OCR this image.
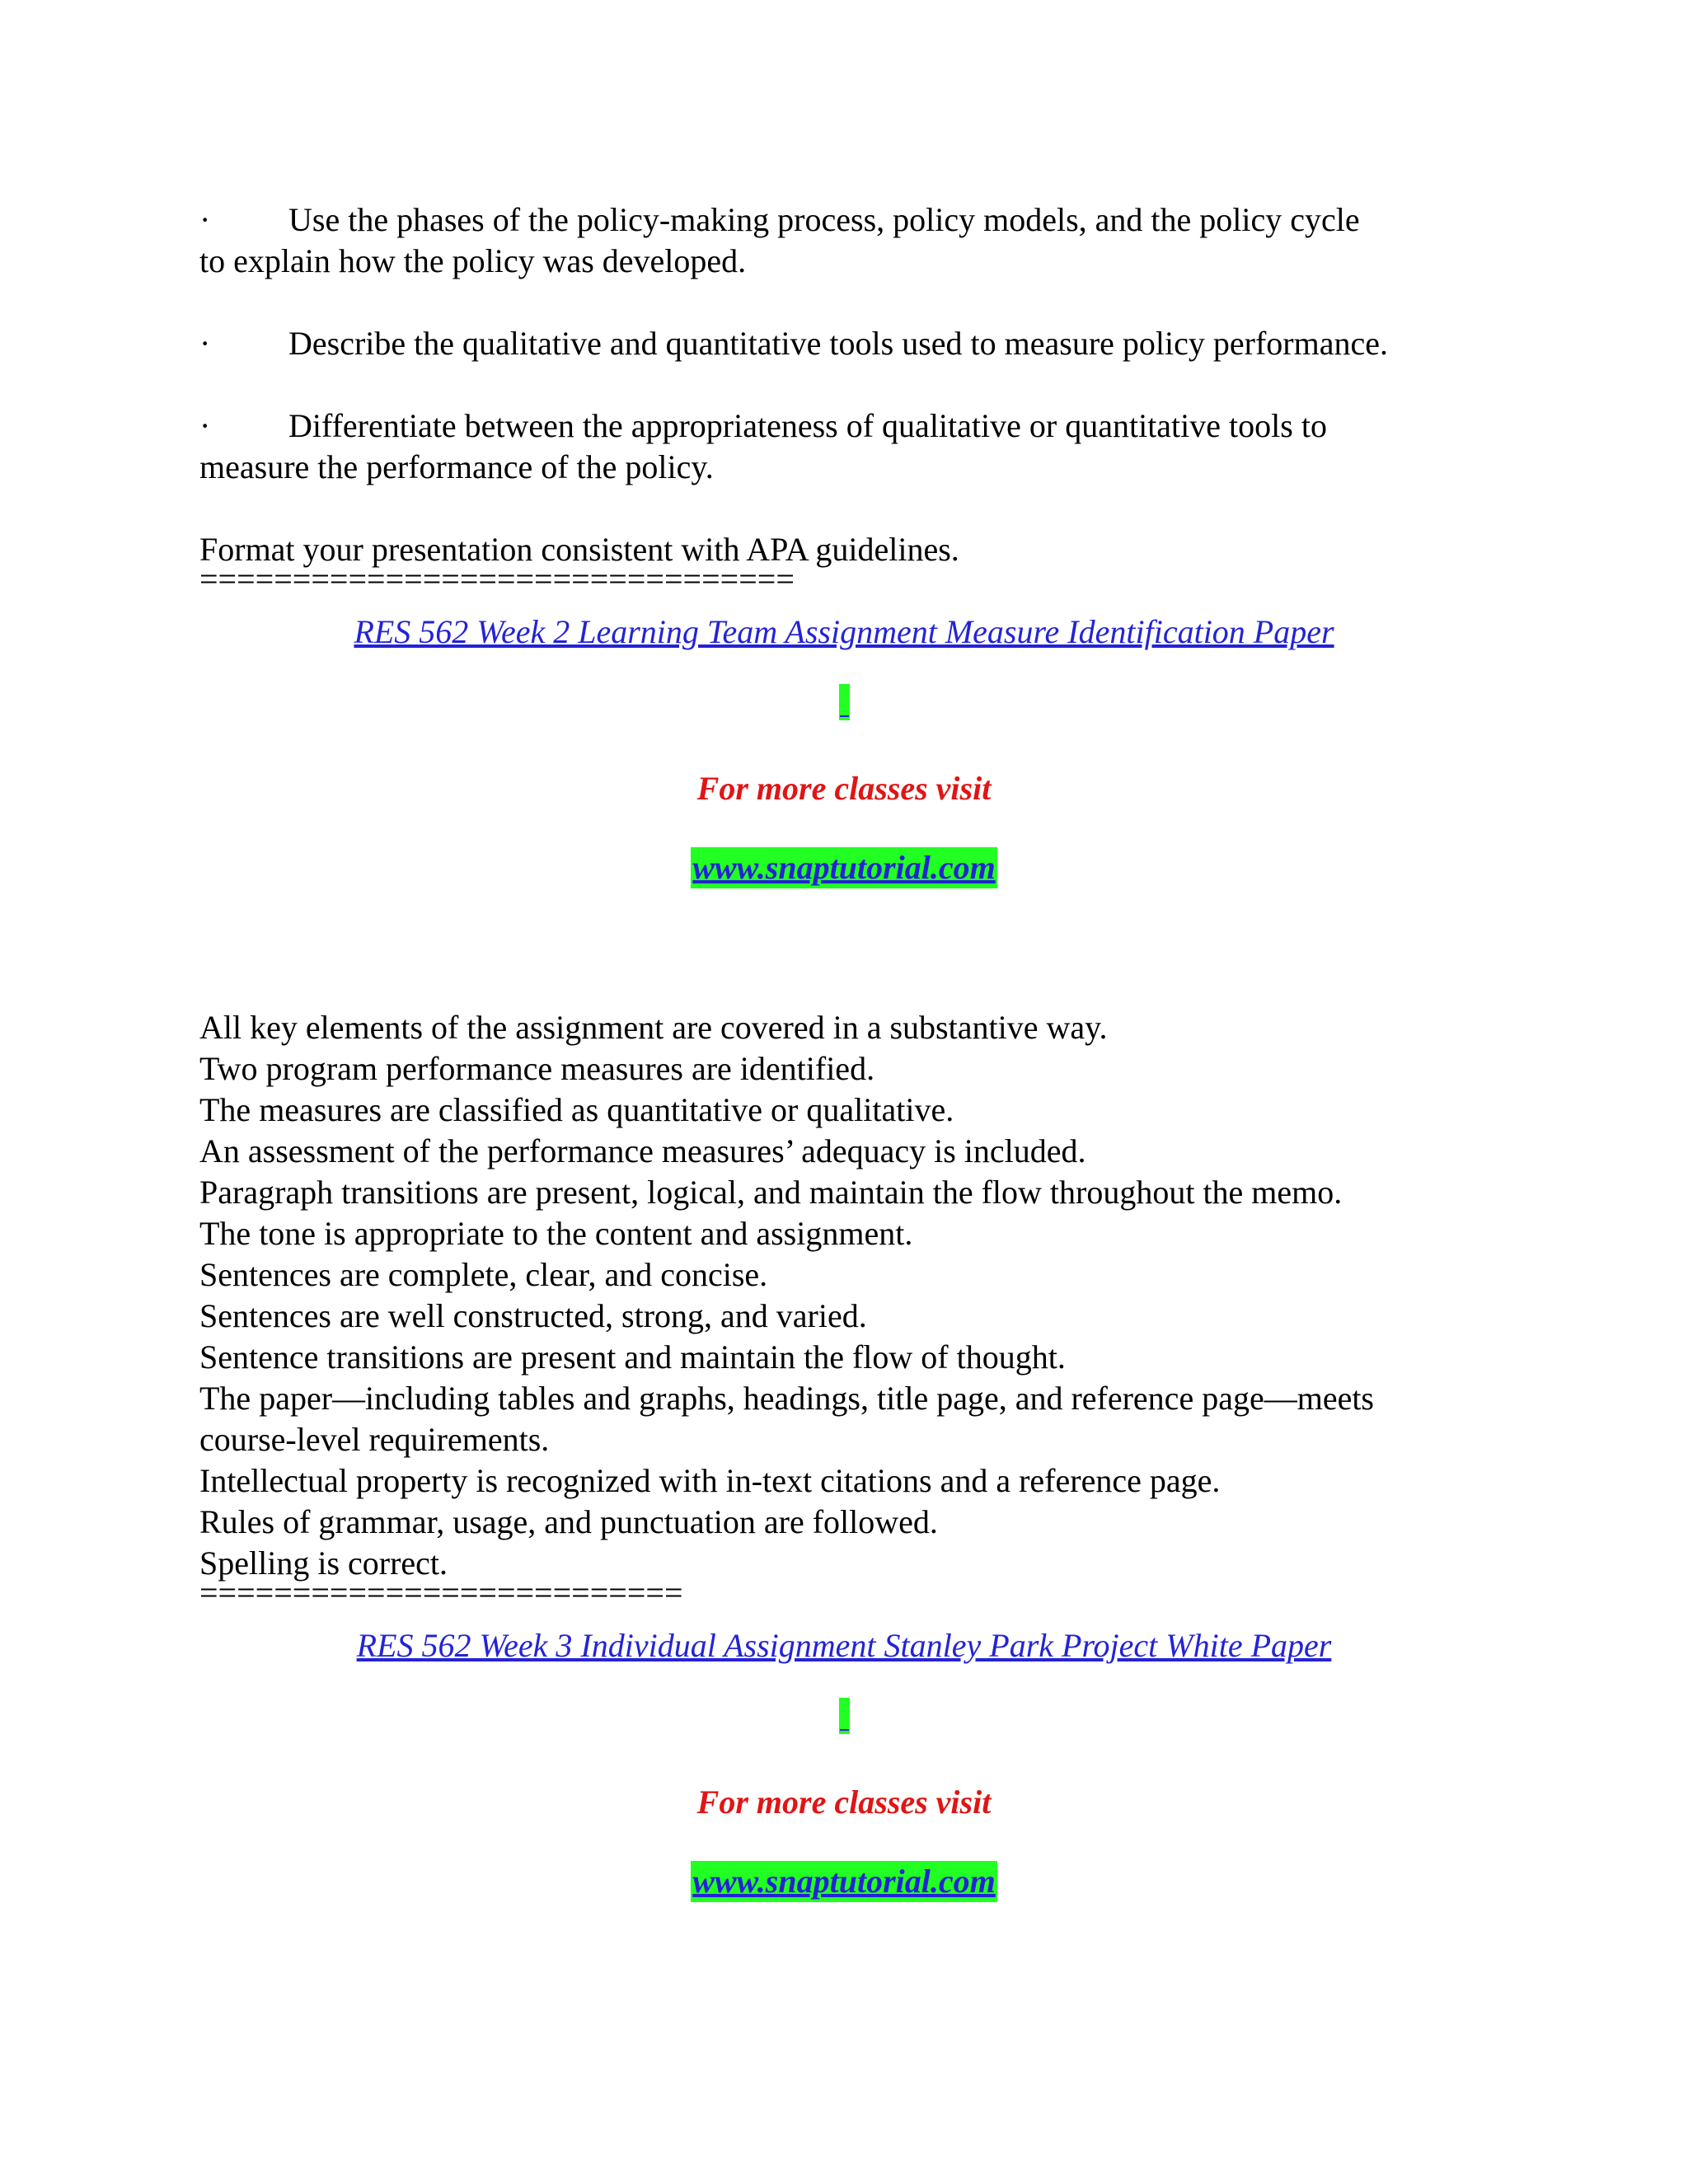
· Use the phases of the policy-making process, policy models, and the policy cycle
to explain how the policy was developed.
· Describe the qualitative and quantitative tools used to measure policy performance.
· Differentiate between the appropriateness of qualitative or quantitative tools to
measure the performance of the policy.
Format your presentation consistent with APA guidelines.
================================
RES 562 Week 2 Learning Team Assignment Measure Identification Paper
For more classes visit
www.snaptutorial.com
All key elements of the assignment are covered in a substantive way.
Two program performance measures are identified.
The measures are classified as quantitative or qualitative.
An assessment of the performance measures’ adequacy is included.
Paragraph transitions are present, logical, and maintain the flow throughout the memo.
The tone is appropriate to the content and assignment.
Sentences are complete, clear, and concise.
Sentences are well constructed, strong, and varied.
Sentence transitions are present and maintain the flow of thought.
The paper—including tables and graphs, headings, title page, and reference page—meets
course-level requirements.
Intellectual property is recognized with in-text citations and a reference page.
Rules of grammar, usage, and punctuation are followed.
Spelling is correct.
==========================
RES 562 Week 3 Individual Assignment Stanley Park Project White Paper
For more classes visit
www.snaptutorial.com
